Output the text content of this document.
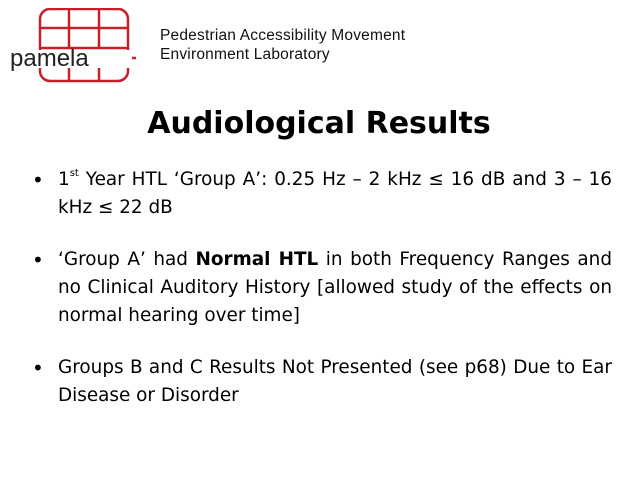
pamela
Pedestrian Accessibility Movement
Environment Laboratory
Audiological Results
• 1st Year HTL ‘Group A’: 0.25 Hz – 2 kHz ≤ 16 dB and 3 – 16 kHz ≤ 22 dB
• ‘Group A’ had Normal HTL in both Frequency Ranges and no Clinical Auditory History [allowed study of the effects on normal hearing over time]
• Groups B and C Results Not Presented (see p68) Due to Ear Disease or Disorder
